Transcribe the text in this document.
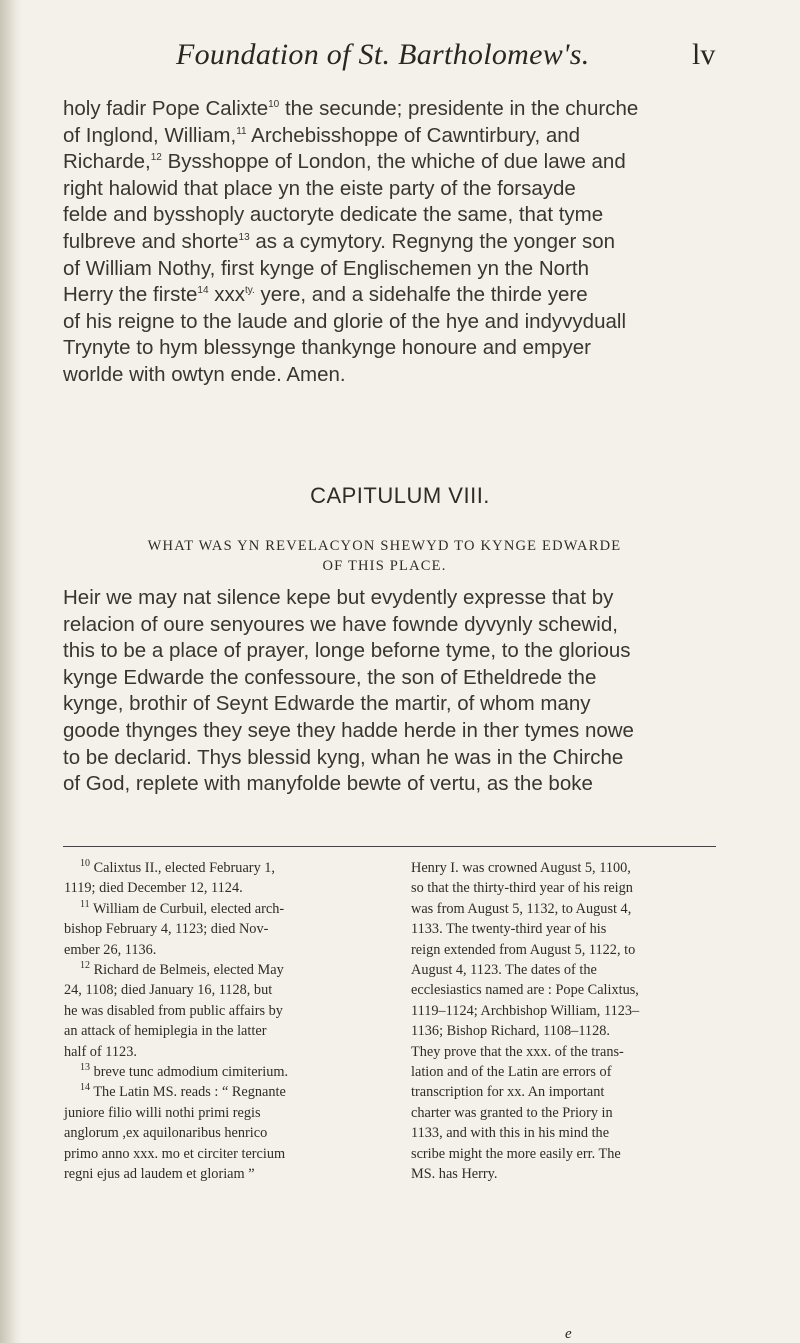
Foundation of St. Bartholomew's.	lv
holy fadir Pope Calixte$^{10}$ the secunde; presidente in the churche
of Inglond, William,$^{11}$ Archebisshoppe of Cawntirbury, and
Richarde,$^{12}$ Bysshoppe of London, the whiche of due lawe and
right halowid that place yn the eiste party of the forsayde
felde and bysshoply auctoryte dedicate the same, that tyme
fulbreve and shorte$^{13}$ as a cymytory. Regnyng the yonger son
of William Nothy, first kynge of Englischemen yn the North
Herry the firste$^{14}$ xxx$^{ty.}$ yere, and a sidehalfe the thirde yere
of his reigne to the laude and glorie of the hye and indyvyduall
Trynyte to hym blessynge thankynge honoure and empyer
worlde with owtyn ende. Amen.
CAPITULUM VIII.
WHAT WAS YN REVELACYON SHEWYD TO KYNGE EDWARDE
OF THIS PLACE.
Heir we may nat silence kepe but evydently expresse that by
relacion of oure senyoures we have fownde dyvynly schewid,
this to be a place of prayer, longe beforne tyme, to the glorious
kynge Edwarde the confessoure, the son of Etheldrede the
kynge, brothir of Seynt Edwarde the martir, of whom many
goode thynges they seye they hadde herde in ther tymes nowe
to be declarid. Thys blessid kyng, whan he was in the Chirche
of God, replete with manyfolde bewte of vertu, as the boke
$^{10}$ Calixtus II., elected February 1,
1119; died December 12, 1124.
$^{11}$ William de Curbuil, elected arch-
bishop February 4, 1123; died Nov-
ember 26, 1136.
$^{12}$ Richard de Belmeis, elected May
24, 1108; died January 16, 1128, but
he was disabled from public affairs by
an attack of hemiplegia in the latter
half of 1123.
$^{13}$ breve tunc admodium cimiterium.
$^{14}$ The Latin MS. reads : “ Regnante
juniore filio willi nothi primi regis
anglorum ,ex aquilonaribus henrico
primo anno xxx. mo et circiter tercium
regni ejus ad laudem et gloriam ”
Henry I. was crowned August 5, 1100,
so that the thirty-third year of his reign
was from August 5, 1132, to August 4,
1133. The twenty-third year of his
reign extended from August 5, 1122, to
August 4, 1123. The dates of the
ecclesiastics named are : Pope Calixtus,
1119–1124; Archbishop William, 1123–
1136; Bishop Richard, 1108–1128.
They prove that the xxx. of the trans-
lation and of the Latin are errors of
transcription for xx. An important
charter was granted to the Priory in
1133, and with this in his mind the
scribe might the more easily err. The
MS. has Herry.
e
